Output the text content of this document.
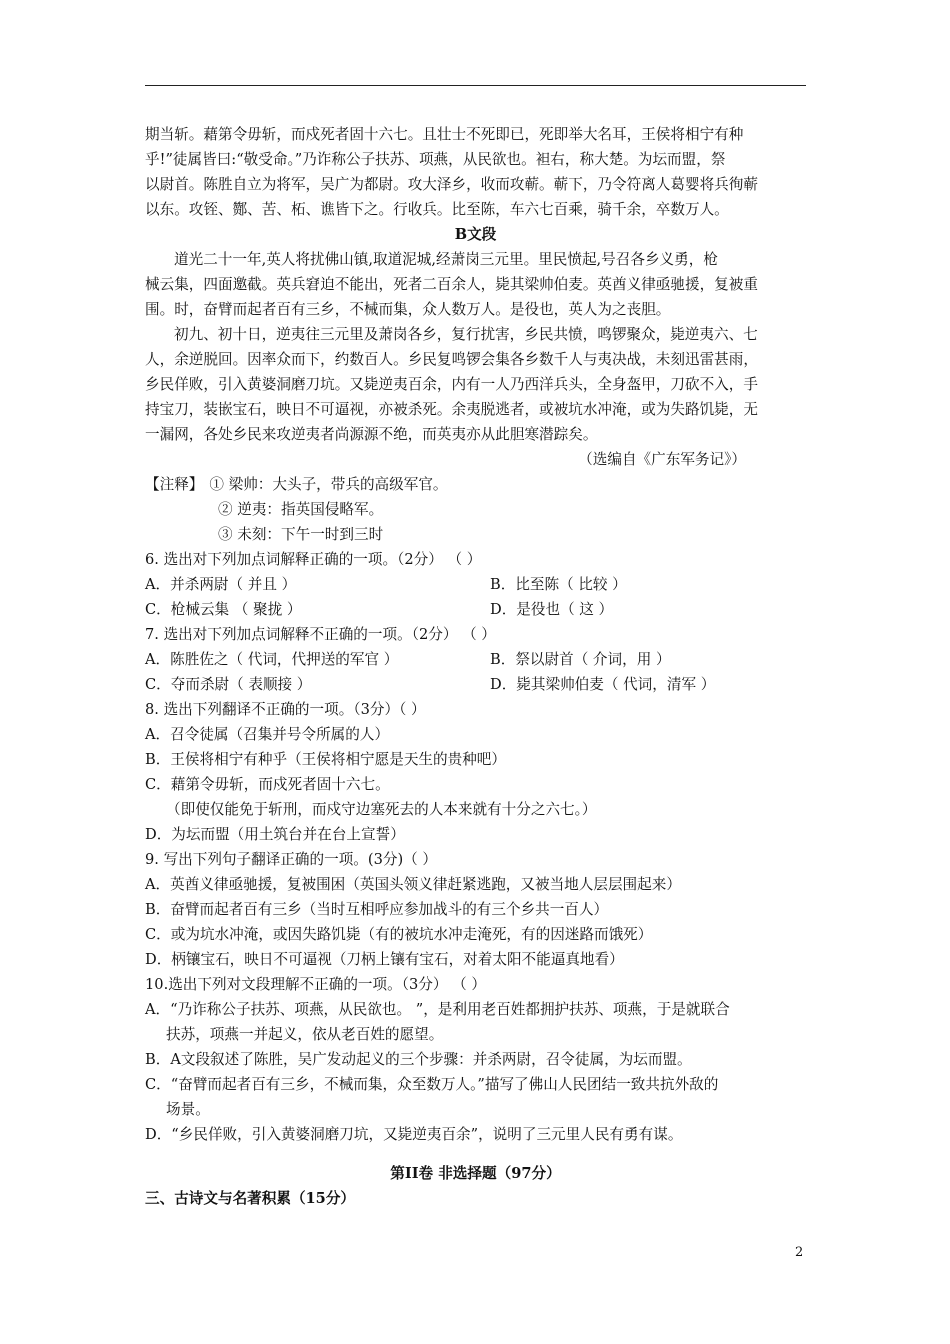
期当斩。藉第令毋斩，而戍死者固十六七。且壮士不死即已，死即举大名耳，王侯将相宁有种
乎!”徒属皆曰:“敬受命。”乃诈称公子扶苏、项燕，从民欲也。袒右，称大楚。为坛而盟，祭
以尉首。陈胜自立为将军，吴广为都尉。攻大泽乡，收而攻蕲。蕲下，乃令符离人葛婴将兵徇蕲
以东。攻铚、酂、苦、柘、谯皆下之。行收兵。比至陈，车六七百乘，骑千余，卒数万人。
B文段
道光二十一年,英人将扰佛山镇,取道泥城,经萧岗三元里。里民愤起,号召各乡义勇，枪
械云集，四面邀截。英兵窘迫不能出，死者二百余人，毙其梁帅伯麦。英酋义律亟驰援，复被重
围。时，奋臂而起者百有三乡，不械而集，众人数万人。是役也，英人为之丧胆。
初九、初十日，逆夷往三元里及萧岗各乡，复行扰害，乡民共愤，鸣锣聚众，毙逆夷六、七
人，余逆脱回。因率众而下，约数百人。乡民复鸣锣会集各乡数千人与夷决战，未刻迅雷甚雨，
乡民佯败，引入黄婆洞磨刀坑。又毙逆夷百余，内有一人乃西洋兵头，全身盔甲，刀砍不入，手
持宝刀，装嵌宝石，映日不可逼视，亦被杀死。余夷脱逃者，或被坑水冲淹，或为失路饥毙，无
一漏网，各处乡民来攻逆夷者尚源源不绝，而英夷亦从此胆寒潜踪矣。
（选编自《广东军务记》）
【注释】 ① 梁帅：大头子，带兵的高级军官。
② 逆夷：指英国侵略军。
③ 未刻：下午一时到三时
6. 选出对下列加点词解释正确的一项。（2分） （ ）
A．并杀两尉（ 并且 ）	B．比至陈（ 比较 ）
C．枪械云集 （ 聚拢 ）	D．是役也（ 这 ）
7. 选出对下列加点词解释不正确的一项。（2分） （ ）
A．陈胜佐之（ 代词，代押送的军官 ）	B．祭以尉首（ 介词，用 ）
C．夺而杀尉（ 表顺接 ）	D．毙其梁帅伯麦（ 代词，清军 ）
8. 选出下列翻译不正确的一项。（3分）（ ）
A．召令徒属（召集并号令所属的人）
B．王侯将相宁有种乎（王侯将相宁愿是天生的贵种吧）
C．藉第令毋斩，而戍死者固十六七。
（即使仅能免于斩刑，而戍守边塞死去的人本来就有十分之六七。）
D．为坛而盟（用土筑台并在台上宣誓）
9. 写出下列句子翻译正确的一项。(3分)（ ）
A．英酋义律亟驰援，复被围困（英国头领义律赶紧逃跑，又被当地人层层围起来）
B．奋臂而起者百有三乡（当时互相呼应参加战斗的有三个乡共一百人）
C．或为坑水冲淹，或因失路饥毙（有的被坑水冲走淹死，有的因迷路而饿死）
D．柄镶宝石，映日不可逼视（刀柄上镶有宝石，对着太阳不能逼真地看）
10.选出下列对文段理解不正确的一项。（3分） （ ）
A．“乃诈称公子扶苏、项燕，从民欲也。 ”，是利用老百姓都拥护扶苏、项燕，于是就联合
扶苏，项燕一并起义，依从老百姓的愿望。
B．A文段叙述了陈胜，吴广发动起义的三个步骤：并杀两尉，召令徒属，为坛而盟。
C．“奋臂而起者百有三乡，不械而集，众至数万人。”描写了佛山人民团结一致共抗外敌的
场景。
D．“乡民佯败，引入黄婆洞磨刀坑，又毙逆夷百余”，说明了三元里人民有勇有谋。
第II卷 非选择题（97分）
三、古诗文与名著积累（15分）
2
